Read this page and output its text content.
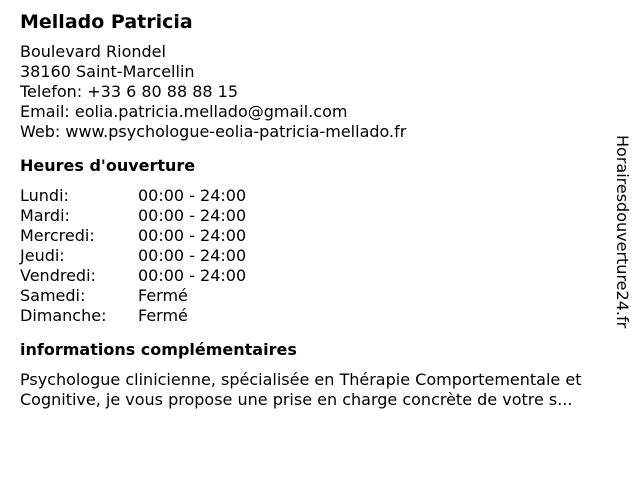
Mellado Patricia
Boulevard Riondel
38160 Saint-Marcellin
Telefon: +33 6 80 88 88 15
Email: eolia.patricia.mellado@gmail.com
Web: www.psychologue-eolia-patricia-mellado.fr
Heures d'ouverture
Lundi:	00:00 - 24:00
Mardi:	00:00 - 24:00
Mercredi:	00:00 - 24:00
Jeudi:	00:00 - 24:00
Vendredi:	00:00 - 24:00
Samedi:	Fermé
Dimanche:	Fermé
informations complémentaires

Psychologue clinicienne, spécialisée en Thérapie Comportementale et
Cognitive, je vous propose une prise en charge concrète de votre s...

Horairesdouverture24.fr
